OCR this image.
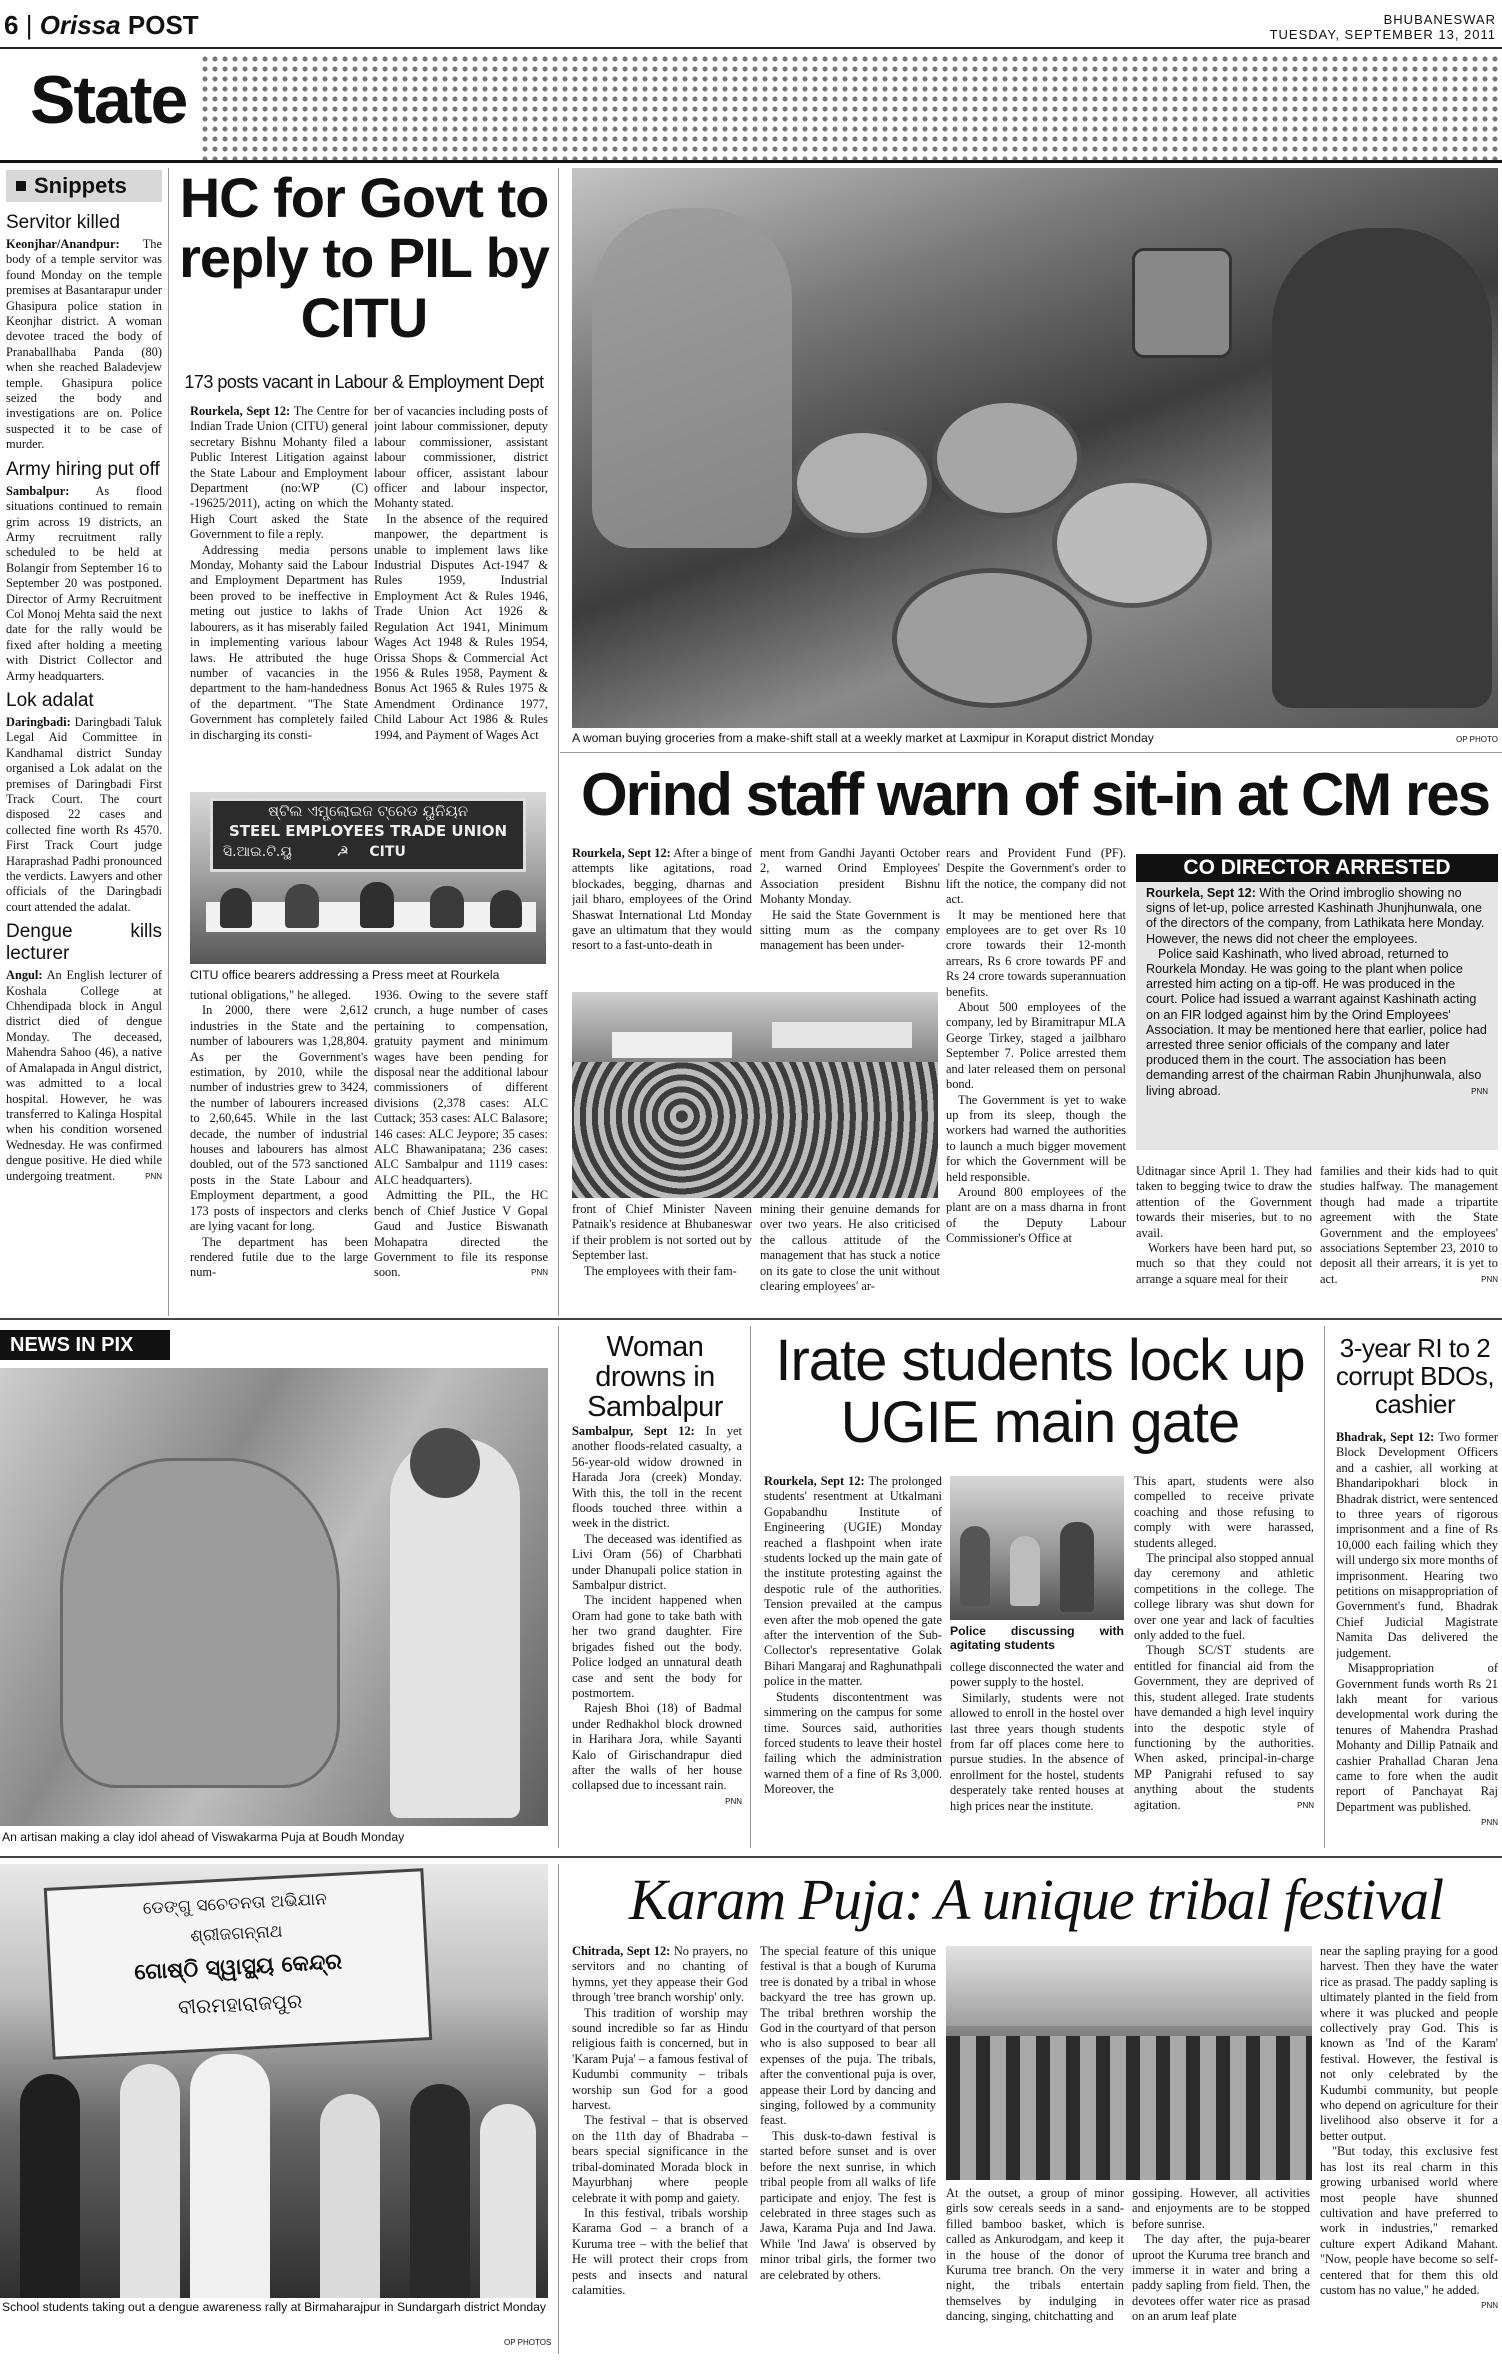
6 | Orissa POST	BHUBANESWAR
TUESDAY, SEPTEMBER 13, 2011
State
Snippets
Servitor killed

Keonjhar/Anandpur: The body of a temple servitor was found Monday on the temple premises at Basantarapur under Ghasipura police station in Keonjhar district. A woman devotee traced the body of Pranaballhaba Panda (80) when she reached Baladevjew temple. Ghasipura police seized the body and investigations are on. Police suspected it to be case of murder.

Army hiring put off

Sambalpur: As flood situations continued to remain grim across 19 districts, an Army recruitment rally scheduled to be held at Bolangir from September 16 to September 20 was postponed. Director of Army Recruitment Col Monoj Mehta said the next date for the rally would be fixed after holding a meeting with District Collector and Army headquarters.

Lok adalat

Daringbadi: Daringbadi Taluk Legal Aid Committee in Kandhamal district Sunday organised a Lok adalat on the premises of Daringbadi First Track Court. The court disposed 22 cases and collected fine worth Rs 4570. First Track Court judge Haraprashad Padhi pronounced the verdicts. Lawyers and other officials of the Daringbadi court attended the adalat.

Dengue kills lecturer

Angul: An English lecturer of Koshala College at Chhendipada block in Angul district died of dengue Monday. The deceased, Mahendra Sahoo (46), a native of Amalapada in Angul district, was admitted to a local hospital. However, he was transferred to Kalinga Hospital when his condition worsened Wednesday. He was confirmed dengue positive. He died while undergoing treatment.	PNN

HC for Govt to reply to PIL by CITU
173 posts vacant in Labour & Employment Dept

Rourkela, Sept 12: The Centre for Indian Trade Union (CITU) general secretary Bishnu Mohanty filed a Public Interest Litigation against the State Labour and Employment Department (no:WP (C) -19625/2011), acting on which the High Court asked the State Government to file a reply.

Addressing media persons Monday, Mohanty said the Labour and Employment Department has been proved to be ineffective in meting out justice to lakhs of labourers, as it has miserably failed in implementing various labour laws. He attributed the huge number of vacancies in the department to the ham-handedness of the department. "The State Government has completely failed in discharging its consti-

ber of vacancies including posts of joint labour commissioner, deputy labour commissioner, assistant labour commissioner, district labour officer, assistant labour officer and labour inspector, Mohanty stated.

In the absence of the required manpower, the department is unable to implement laws like Industrial Disputes Act-1947 & Rules 1959, Industrial Employment Act & Rules 1946, Trade Union Act 1926 & Regulation Act 1941, Minimum Wages Act 1948 & Rules 1954, Orissa Shops & Commercial Act 1956 & Rules 1958, Payment & Bonus Act 1965 & Rules 1975 & Amendment Ordinance 1977, Child Labour Act 1986 & Rules 1994, and Payment of Wages Act

ଷ୍ଟିଲ ଏମ୍ପ୍ଲୋଇଜ ଟ୍ରେଡ ୟୁନିୟନ
STEEL EMPLOYEES TRADE UNION
ସି.ଆଇ.ଟି.ୟୁ	☭ CITU
CITU office bearers addressing a Press meet at Rourkela

tutional obligations," he alleged.

In 2000, there were 2,612 industries in the State and the number of labourers was 1,28,804. As per the Government's estimation, by 2010, while the number of industries grew to 3424, the number of labourers increased to 2,60,645. While in the last decade, the number of industrial houses and labourers has almost doubled, out of the 573 sanctioned posts in the State Labour and Employment department, a good 173 posts of inspectors and clerks are lying vacant for long.

The department has been rendered futile due to the large num-

1936. Owing to the severe staff crunch, a huge number of cases pertaining to compensation, gratuity payment and minimum wages have been pending for disposal near the additional labour commissioners of different divisions (2,378 cases: ALC Cuttack; 353 cases: ALC Balasore; 146 cases: ALC Jeypore; 35 cases: ALC Bhawanipatana; 236 cases: ALC Sambalpur and 1119 cases: ALC headquarters).

Admitting the PIL, the HC bench of Chief Justice V Gopal Gaud and Justice Biswanath Mohapatra directed the Government to file its response soon.	PNN

A woman buying groceries from a make-shift stall at a weekly market at Laxmipur in Koraput district Monday	OP PHOTO
Orind staff warn of sit-in at CM res

Rourkela, Sept 12: After a binge of attempts like agitations, road blockades, begging, dharnas and jail bharo, employees of the Orind Shaswat International Ltd Monday gave an ultimatum that they would resort to a fast-unto-death in

ment from Gandhi Jayanti October 2, warned Orind Employees' Association president Bishnu Mohanty Monday.

He said the State Government is sitting mum as the company management has been under-

front of Chief Minister Naveen Patnaik's residence at Bhubaneswar if their problem is not sorted out by September last.

The employees with their fam-

mining their genuine demands for over two years. He also criticised the callous attitude of the management that has stuck a notice on its gate to close the unit without clearing employees' ar-

rears and Provident Fund (PF). Despite the Government's order to lift the notice, the company did not act.

It may be mentioned here that employees are to get over Rs 10 crore towards their 12-month arrears, Rs 6 crore towards PF and Rs 24 crore towards superannuation benefits.

About 500 employees of the company, led by Biramitrapur MLA George Tirkey, staged a jailbharo September 7. Police arrested them and later released them on personal bond.

The Government is yet to wake up from its sleep, though the workers had warned the authorities to launch a much bigger movement for which the Government will be held responsible.

Around 800 employees of the plant are on a mass dharna in front of the Deputy Labour Commissioner's Office at

CO DIRECTOR ARRESTED

Rourkela, Sept 12: With the Orind imbroglio showing no signs of let-up, police arrested Kashinath Jhunjhunwala, one of the directors of the company, from Lathikata here Monday. However, the news did not cheer the employees.

Police said Kashinath, who lived abroad, returned to Rourkela Monday. He was going to the plant when police arrested him acting on a tip-off. He was produced in the court. Police had issued a warrant against Kashinath acting on an FIR lodged against him by the Orind Employees' Association. It may be mentioned here that earlier, police had arrested three senior officials of the company and later produced them in the court. The association has been demanding arrest of the chairman Rabin Jhunjhunwala, also living abroad.	PNN

Uditnagar since April 1. They had taken to begging twice to draw the attention of the Government towards their miseries, but to no avail.

Workers have been hard put, so much so that they could not arrange a square meal for their

families and their kids had to quit studies halfway. The management though had made a tripartite agreement with the State Government and the employees' associations September 23, 2010 to deposit all their arrears, it is yet to act.	PNN

NEWS IN PIX
An artisan making a clay idol ahead of Viswakarma Puja at Boudh Monday
Woman drowns in Sambalpur

Sambalpur, Sept 12: In yet another floods-related casualty, a 56-year-old widow drowned in Harada Jora (creek) Monday. With this, the toll in the recent floods touched three within a week in the district.

The deceased was identified as Livi Oram (56) of Charbhati under Dhanupali police station in Sambalpur district.

The incident happened when Oram had gone to take bath with her two grand daughter. Fire brigades fished out the body. Police lodged an unnatural death case and sent the body for postmortem.

Rajesh Bhoi (18) of Badmal under Redhakhol block drowned in Harihara Jora, while Sayanti Kalo of Girischandrapur died after the walls of her house collapsed due to incessant rain.
PNN

Irate students lock up UGIE main gate

Rourkela, Sept 12: The prolonged students' resentment at Utkalmani Gopabandhu Institute of Engineering (UGIE) Monday reached a flashpoint when irate students locked up the main gate of the institute protesting against the despotic rule of the authorities. Tension prevailed at the campus even after the mob opened the gate after the intervention of the Sub-Collector's representative Golak Bihari Mangaraj and Raghunathpali police in the matter.

Students discontentment was simmering on the campus for some time. Sources said, authorities forced students to leave their hostel failing which the administration warned them of a fine of Rs 3,000. Moreover, the

Police discussing with agitating students

college disconnected the water and power supply to the hostel.

Similarly, students were not allowed to enroll in the hostel over last three years though students from far off places come here to pursue studies. In the absence of enrollment for the hostel, students desperately take rented houses at high prices near the institute.

This apart, students were also compelled to receive private coaching and those refusing to comply with were harassed, students alleged.

The principal also stopped annual day ceremony and athletic competitions in the college. The college library was shut down for over one year and lack of faculties only added to the fuel.

Though SC/ST students are entitled for financial aid from the Government, they are deprived of this, student alleged. Irate students have demanded a high level inquiry into the despotic style of functioning by the authorities. When asked, principal-in-charge MP Panigrahi refused to say anything about the students agitation.	PNN

3-year RI to 2 corrupt BDOs, cashier

Bhadrak, Sept 12: Two former Block Development Officers and a cashier, all working at Bhandaripokhari block in Bhadrak district, were sentenced to three years of rigorous imprisonment and a fine of Rs 10,000 each failing which they will undergo six more months of imprisonment. Hearing two petitions on misappropriation of Government's fund, Bhadrak Chief Judicial Magistrate Namita Das delivered the judgement.

Misappropriation of Government funds worth Rs 21 lakh meant for various developmental work during the tenures of Mahendra Prashad Mohanty and Dillip Patnaik and cashier Prahallad Charan Jena came to fore when the audit report of Panchayat Raj Department was published.
PNN

ଡେଙ୍ଗୁ ସଚେତନତା ଅଭିଯାନ
ଶ୍ରୀଜଗନ୍ନାଥ
ଗୋଷ୍ଠି ସ୍ୱାସ୍ଥ୍ୟ କେନ୍ଦ୍ର
ବୀରମହାରାଜପୁର
School students taking out a dengue awareness rally at Birmaharajpur in Sundargarh district Monday
OP PHOTOS
Karam Puja: A unique tribal festival

Chitrada, Sept 12: No prayers, no servitors and no chanting of hymns, yet they appease their God through 'tree branch worship' only.

This tradition of worship may sound incredible so far as Hindu religious faith is concerned, but in 'Karam Puja' – a famous festival of Kudumbi community – tribals worship sun God for a good harvest.

The festival – that is observed on the 11th day of Bhadraba – bears special significance in the tribal-dominated Morada block in Mayurbhanj where people celebrate it with pomp and gaiety.

In this festival, tribals worship Karama God – a branch of a Kuruma tree – with the belief that He will protect their crops from pests and insects and natural calamities.

The special feature of this unique festival is that a bough of Kuruma tree is donated by a tribal in whose backyard the tree has grown up. The tribal brethren worship the God in the courtyard of that person who is also supposed to bear all expenses of the puja. The tribals, after the conventional puja is over, appease their Lord by dancing and singing, followed by a community feast.

This dusk-to-dawn festival is started before sunset and is over before the next sunrise, in which tribal people from all walks of life participate and enjoy. The fest is celebrated in three stages such as Jawa, Karama Puja and Ind Jawa. While 'Ind Jawa' is observed by minor tribal girls, the former two are celebrated by others.

At the outset, a group of minor girls sow cereals seeds in a sand-filled bamboo basket, which is called as Ankurodgam, and keep it in the house of the donor of Kuruma tree branch. On the very night, the tribals entertain themselves by indulging in dancing, singing, chitchatting and

gossiping. However, all activities and enjoyments are to be stopped before sunrise.

The day after, the puja-bearer uproot the Kuruma tree branch and immerse it in water and bring a paddy sapling from field. Then, the devotees offer water rice as prasad on an arum leaf plate

near the sapling praying for a good harvest. Then they have the water rice as prasad. The paddy sapling is ultimately planted in the field from where it was plucked and people collectively pray God. This is known as 'Ind of the Karam' festival. However, the festival is not only celebrated by the Kudumbi community, but people who depend on agriculture for their livelihood also observe it for a better output.

"But today, this exclusive fest has lost its real charm in this growing urbanised world where most people have shunned cultivation and have preferred to work in industries," remarked culture expert Adikand Mahant. "Now, people have become so self-centered that for them this old custom has no value," he added.
PNN
